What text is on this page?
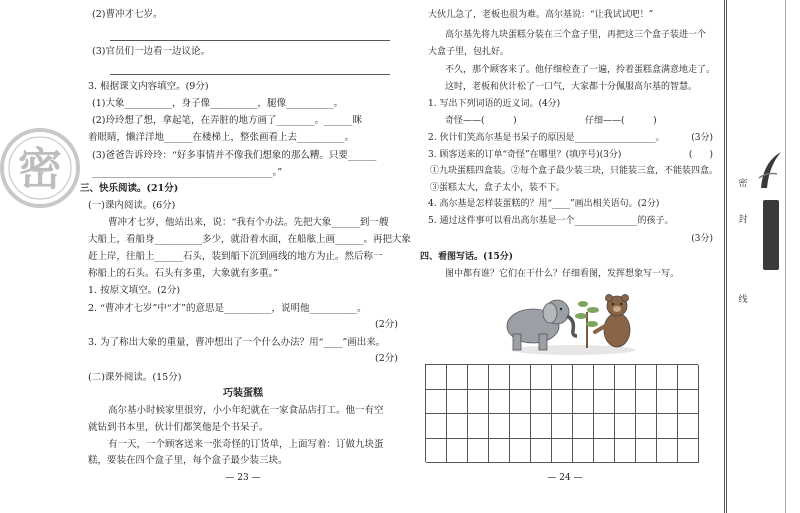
密
(2)曹冲才七岁。
(3)官员们一边看一边议论。
3. 根据课文内容填空。(9分)
(1)大象__________，身子像__________，腿像__________。
(2)玲玲想了想，拿起笔，在弄脏的地方画了________。______眯
着眼睛，懒洋洋地______在楼梯上，整张画看上去__________。
(3)爸爸告诉玲玲：“好多事情并不像我们想象的那么糟。只要______
______________________________________。”
三、快乐阅读。(21分)
(一)课内阅读。(6分)
曹冲才七岁，他站出来，说：“我有个办法。先把大象______到一艘
大船上，看船身__________多少，就沿着水面，在船舷上画______。再把大象
赶上岸，往船上______石头，装到船下沉到画线的地方为止。然后称一
称船上的石头。石头有多重，大象就有多重。”
1. 按原文填空。(2分)
2. “曹冲才七岁”中“才”的意思是__________，说明他__________。
(2分)
3. 为了称出大象的重量，曹冲想出了一个什么办法？用“____”画出来。
(2分)
(二)课外阅读。(15分)
巧装蛋糕
高尔基小时候家里很穷，小小年纪就在一家食品店打工。他一有空
就钻到书本里，伙计们都笑他是个书呆子。
有一天，一个顾客送来一张奇怪的订货单，上面写着：订做九块蛋
糕，要装在四个盒子里，每个盒子最少装三块。
— 23 —
大伙儿急了，老板也很为难。高尔基说：“让我试试吧！”
高尔基先将九块蛋糕分装在三个盒子里，再把这三个盒子装进一个
大盒子里，包扎好。
不久，那个顾客来了。他仔细检查了一遍，拎着蛋糕盒满意地走了。
这时，老板和伙计松了一口气，大家都十分佩服高尔基的智慧。
1. 写出下列词语的近义词。(4分)
奇怪——(          )	仔细——(          )
2. 伙计们笑高尔基是书呆子的原因是__________________。	(3分)
3. 顾客送来的订单“奇怪”在哪里？(填序号)(3分)	(      )
①九块蛋糕四盒装。②每个盒子最少装三块，只能装三盒，不能装四盒。
③蛋糕太大，盒子太小，装不下。
4. 高尔基是怎样装蛋糕的？用“____”画出相关语句。(2分)
5. 通过这件事可以看出高尔基是一个______________的孩子。
(3分)
四、看图写话。(15分)
图中都有谁？它们在干什么？仔细看图，发挥想象写一写。
— 24 —
密
封
线
